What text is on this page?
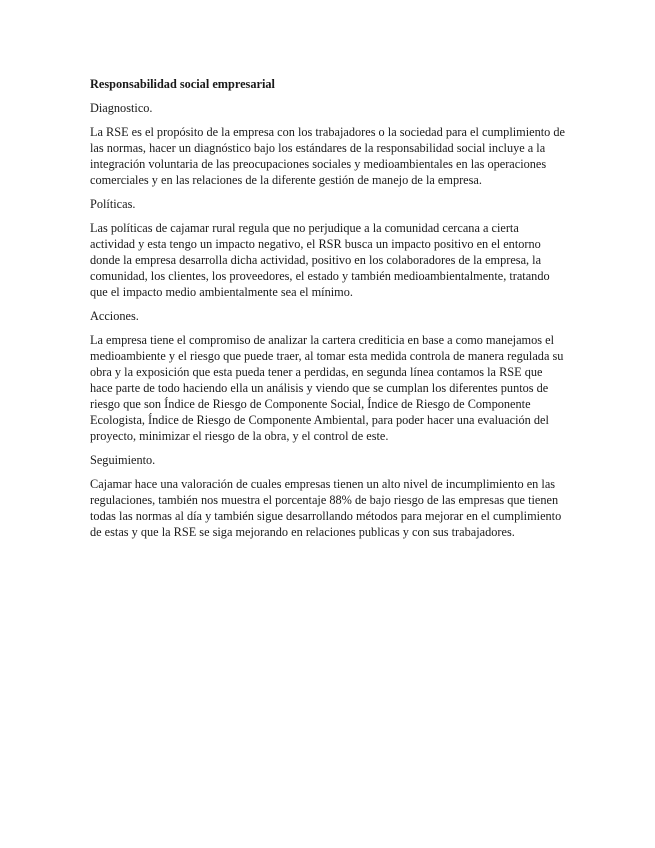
Responsabilidad social empresarial

Diagnostico.

La RSE es el propósito de la empresa con los trabajadores o la sociedad para el cumplimiento de las normas, hacer un diagnóstico bajo los estándares de la responsabilidad social incluye a la integración voluntaria de las preocupaciones sociales y medioambientales en las operaciones comerciales y en las relaciones de la diferente gestión de manejo de la empresa.

Políticas.

Las políticas de cajamar rural regula que no perjudique a la comunidad cercana a cierta actividad y esta tengo un impacto negativo, el RSR busca un impacto positivo en el entorno donde la empresa desarrolla dicha actividad, positivo en los colaboradores de la empresa, la comunidad, los clientes, los proveedores, el estado y también medioambientalmente, tratando que el impacto medio ambientalmente sea el mínimo.

Acciones.

La empresa tiene el compromiso de analizar la cartera crediticia en base a como manejamos el medioambiente y el riesgo que puede traer, al tomar esta medida controla de manera regulada su obra y la exposición que esta pueda tener a perdidas, en segunda línea contamos la RSE que hace parte de todo haciendo ella un análisis y viendo que se cumplan los diferentes puntos de riesgo que son Índice de Riesgo de Componente Social, Índice de Riesgo de Componente Ecologista, Índice de Riesgo de Componente Ambiental, para poder hacer una evaluación del proyecto, minimizar el riesgo de la obra, y el control de este.

Seguimiento.

Cajamar hace una valoración de cuales empresas tienen un alto nivel de incumplimiento en las regulaciones, también nos muestra el porcentaje 88% de bajo riesgo de las empresas que tienen todas las normas al día y también sigue desarrollando métodos para mejorar en el cumplimiento de estas y que la RSE se siga mejorando en relaciones publicas y con sus trabajadores.
